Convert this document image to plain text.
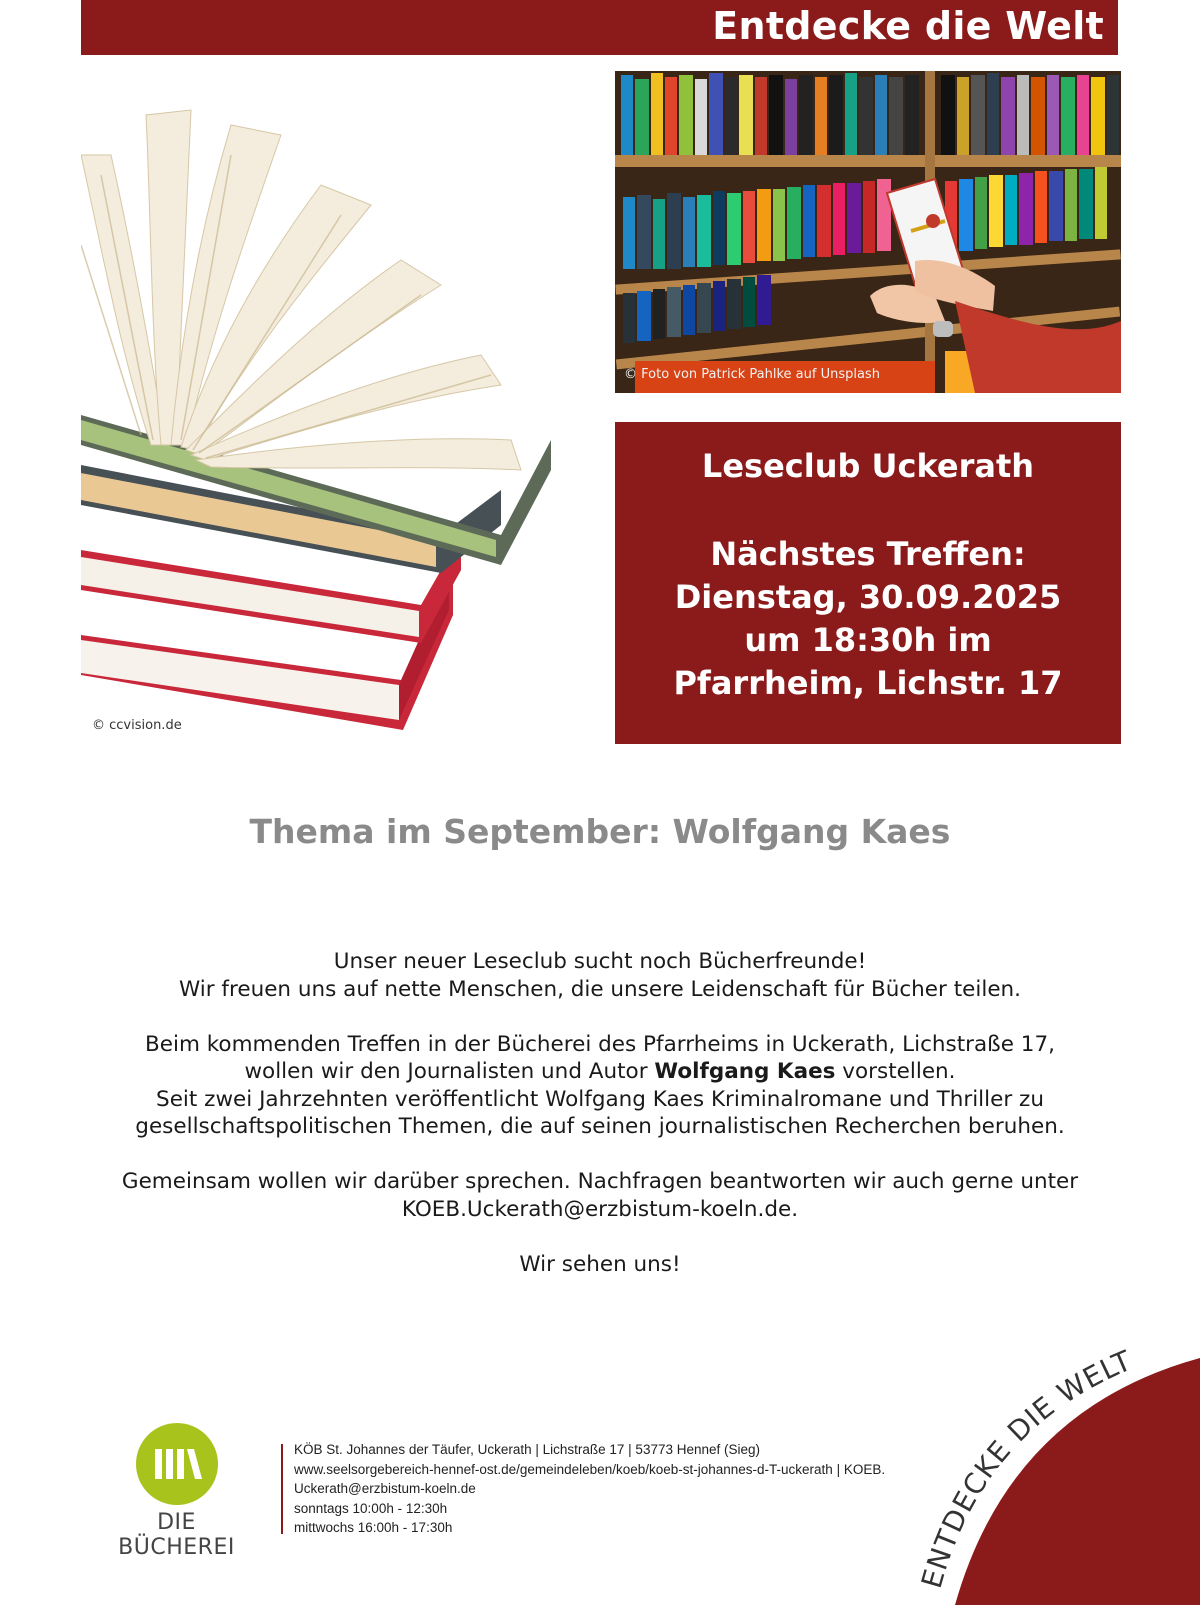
Entdecke die Welt
© ccvision.de
© Foto von Patrick Pahlke auf Unsplash
Leseclub Uckerath
Nächstes Treffen:
Dienstag, 30.09.2025
um 18:30h im
Pfarrheim, Lichstr. 17
Thema im September: Wolfgang Kaes

Unser neuer Leseclub sucht noch Bücherfreunde!

Wir freuen uns auf nette Menschen, die unsere Leidenschaft für Bücher teilen.

Beim kommenden Treffen in der Bücherei des Pfarrheims in Uckerath, Lichstraße 17,

wollen wir den Journalisten und Autor Wolfgang Kaes vorstellen.

Seit zwei Jahrzehnten veröffentlicht Wolfgang Kaes Kriminalromane und Thriller zu

gesellschaftspolitischen Themen, die auf seinen journalistischen Recherchen beruhen.

Gemeinsam wollen wir darüber sprechen. Nachfragen beantworten wir auch gerne unter

KOEB.Uckerath@erzbistum-koeln.de.

Wir sehen uns!

DIE BÜCHEREI
KÖB St. Johannes der Täufer, Uckerath | Lichstraße 17 | 53773 Hennef (Sieg)
www.seelsorgebereich-hennef-ost.de/gemeindeleben/koeb/koeb-st-johannes-d-T-uckerath | KOEB.
Uckerath@erzbistum-koeln.de
sonntags 10:00h - 12:30h
mittwochs 16:00h - 17:30h
ENTDECKE DIE WELT
